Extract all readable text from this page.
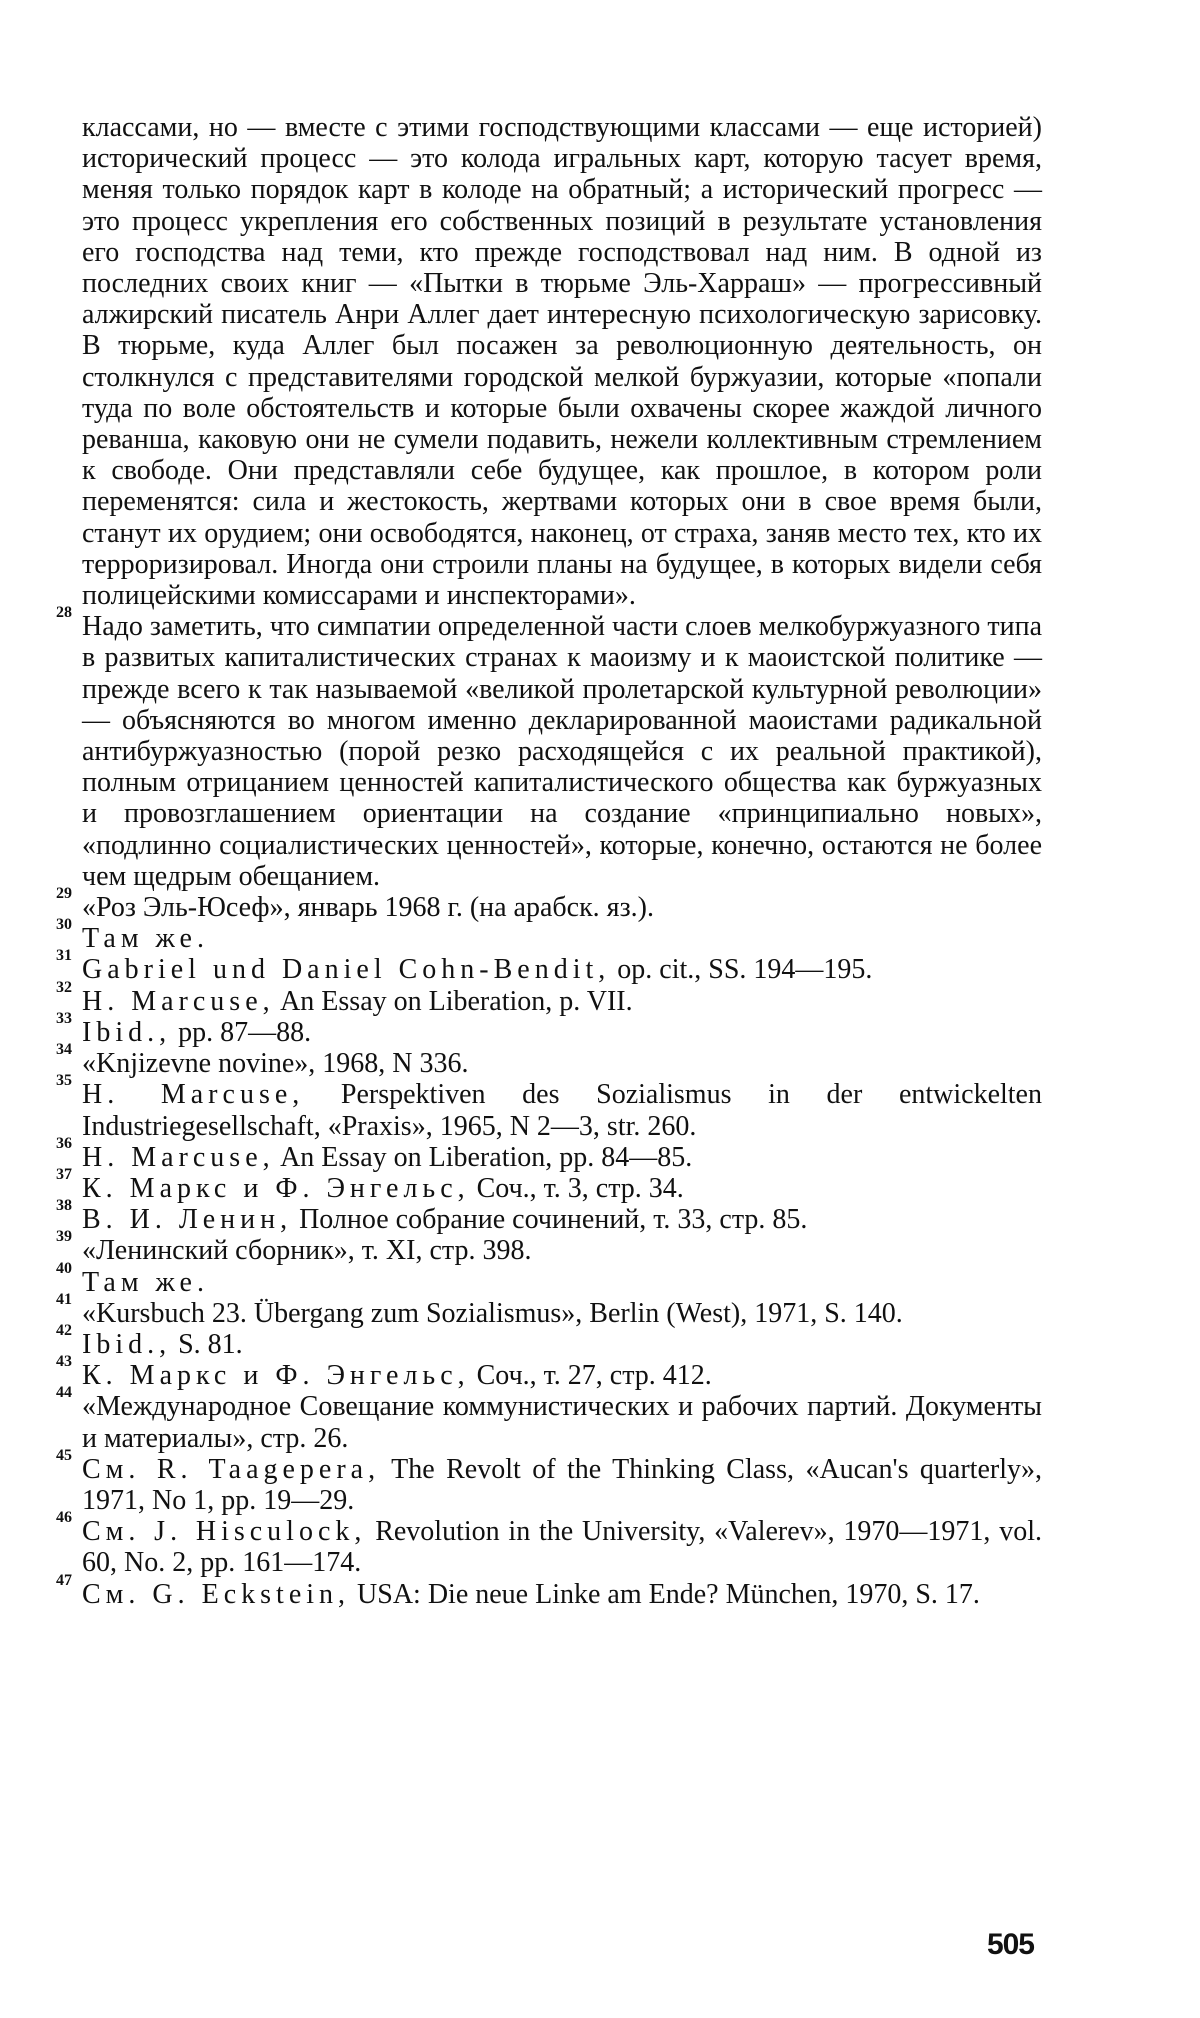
классами, но — вместе с этими господствующими классами — еще историей) исторический процесс — это колода игральных карт, которую тасует время, меняя только порядок карт в колоде на обратный; а исторический прогресс — это процесс укрепления его собственных позиций в результате установления его господства над теми, кто прежде господствовал над ним. В одной из последних своих книг — «Пытки в тюрьме Эль-Харраш» — прогрессивный алжирский писатель Анри Аллег дает интересную психологическую зарисовку. В тюрьме, куда Аллег был посажен за революционную деятельность, он столкнулся с представителями городской мелкой буржуазии, которые «попали туда по воле обстоятельств и которые были охвачены скорее жаждой личного реванша, каковую они не сумели подавить, нежели коллективным стремлением к свободе. Они представляли себе будущее, как прошлое, в котором роли переменятся: сила и жестокость, жертвами которых они в свое время были, станут их орудием; они освободятся, наконец, от страха, заняв место тех, кто их терроризировал. Иногда они строили планы на будущее, в которых видели себя полицейскими комиссарами и инспекторами».

28 Надо заметить, что симпатии определенной части слоев мелкобуржуазного типа в развитых капиталистических странах к маоизму и к маоистской политике — прежде всего к так называемой «великой пролетарской культурной революции» — объясняются во многом именно декларированной маоистами радикальной антибуржуазностью (порой резко расходящейся с их реальной практикой), полным отрицанием ценностей капиталистического общества как буржуазных и провозглашением ориентации на создание «принципиально новых», «подлинно социалистических ценностей», которые, конечно, остаются не более чем щедрым обещанием.

29 «Роз Эль-Юсеф», январь 1968 г. (на арабск. яз.).

30 Там же.

31 Gabriel und Daniel Cohn-Bendit, op. cit., SS. 194—195.

32 H. Marcuse, An Essay on Liberation, p. VII.

33 Ibid., pp. 87—88.

34 «Knjizevne novine», 1968, N 336.

35 H. Marcuse, Perspektiven des Sozialismus in der entwickelten Industriegesellschaft, «Praxis», 1965, N 2—3, str. 260.

36 H. Marcuse, An Essay on Liberation, pp. 84—85.

37 К. Маркс и Ф. Энгельс, Соч., т. 3, стр. 34.

38 В. И. Ленин, Полное собрание сочинений, т. 33, стр. 85.

39 «Ленинский сборник», т. XI, стр. 398.

40 Там же.

41 «Kursbuch 23. Übergang zum Sozialismus», Berlin (West), 1971, S. 140.

42 Ibid., S. 81.

43 К. Маркс и Ф. Энгельс, Соч., т. 27, стр. 412.

44 «Международное Совещание коммунистических и рабочих партий. Документы и материалы», стр. 26.

45 См. R. Taagepera, The Revolt of the Thinking Class, «Aucan's quarterly», 1971, No 1, pp. 19—29.

46 См. J. Hisculock, Revolution in the University, «Valerev», 1970—1971, vol. 60, No. 2, pp. 161—174.

47 См. G. Eckstein, USA: Die neue Linke am Ende? München, 1970, S. 17.

505
